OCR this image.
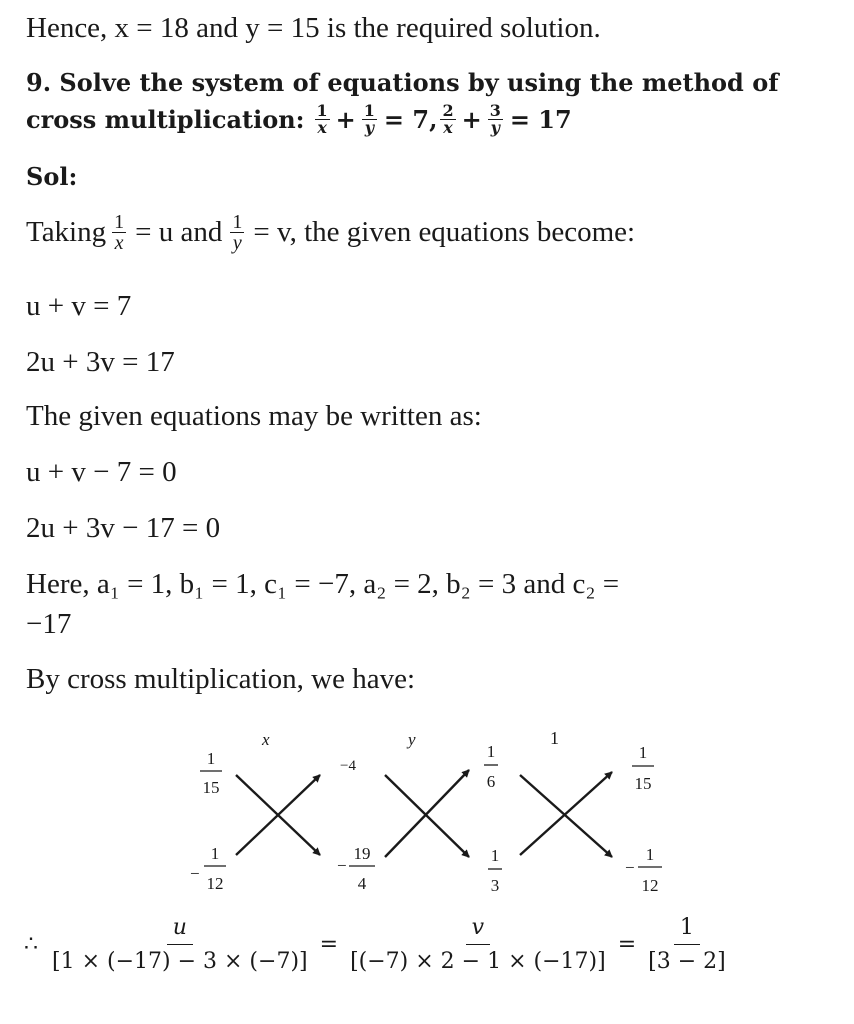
Hence, x = 18 and y = 15 is the required solution.
9. Solve the system of equations by using the method of
cross multiplication: $\frac{1}{x} + \frac{1}{y} = 7$, $\frac{2}{x} + \frac{3}{y} = 17$
Sol:
Taking $\frac{1}{x} = u$ and $\frac{1}{y} = v$, the given equations become:
u + v = 7
2u + 3v = 17
The given equations may be written as:
u + v − 7 = 0
2u + 3v − 17 = 0
Here, a₁ = 1, b₁ = 1, c₁ = −7, a₂ = 2, b₂ = 3 and c₂ =
−17
By cross multiplication, we have:
x	y	1
1
15
−
1
12
−4
−
19
4
1
6
1
3
1
15
−
1
12
∴ $\frac{u}{[1 \times (-17) - 3 \times (-7)]} = \frac{v}{[(-7) \times 2 - 1 \times (-17)]} = \frac{1}{[3 - 2]}$
